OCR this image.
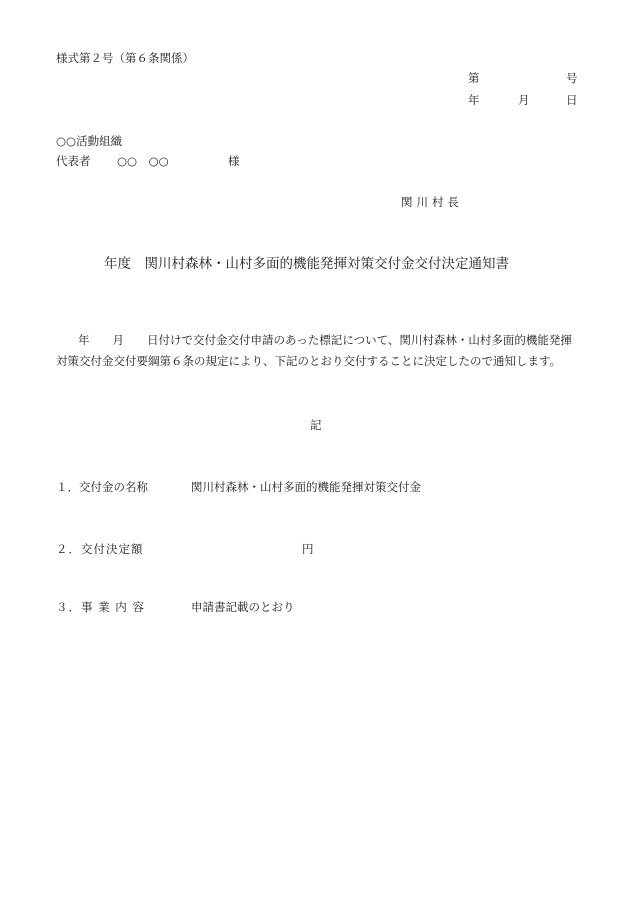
様式第２号（第６条関係）
第	号
年	月	日
○○活動組織
代表者 ○○　○○	様
関川村長
年度　関川村森林・山村多面的機能発揮対策交付金交付決定通知書

年　　月　　日付けで交付金交付申請のあった標記について、関川村森林・山村多面的機能発揮対策交付金交付要綱第６条の規定により、下記のとおり交付することに決定したので通知します。

記
１．交付金の名称	関川村森林・山村多面的機能発揮対策交付金
２．交付決定額	円
３．事 業 内 容	申請書記載のとおり
